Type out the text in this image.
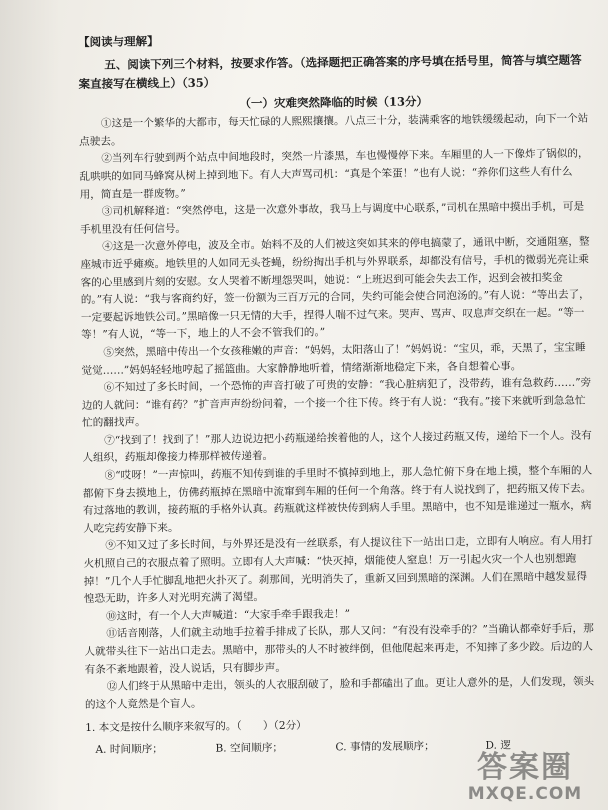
【阅读与理解】
五、阅读下列三个材料，按要求作答。（选择题把正确答案的序号填在括号里，简答与填空题答案直接写在横线上）（35）
（一）灾难突然降临的时候（13分）

①这是一个繁华的大都市，每天忙碌的人熙熙攘攘。八点三十分，装满乘客的地铁缓缓起动，向下一个站点驶去。

②当列车行驶到两个站点中间地段时，突然一片漆黑，车也慢慢停下来。车厢里的人一下像炸了锅似的，乱哄哄的如同马蜂窝从树上掉到地下。有人大声骂司机：“真是个笨蛋！”也有人说：“养你们这些人有什么用，简直是一群废物。”

③司机解释道：“突然停电，这是一次意外事故，我马上与调度中心联系，”司机在黑暗中摸出手机，可是手机里没有任何信号。

④这是一次意外停电，波及全市。始料不及的人们被这突如其来的停电搞蒙了，通讯中断，交通阻塞，整座城市近乎瘫痪。地铁里的人如同无头苍蝇，纷纷掏出手机与外界联系，却都没有信号，手机的微弱光亮让乘客的心里感到片刻的安慰。女人哭着不断埋怨哭叫，她说：“上班迟到可能会失去工作，迟到会被扣奖金的。”有人说：“我与客商约好，签一份额为三百万元的合同，失约可能会使合同泡汤的。”有人说：“等出去了，一定要起诉地铁公司。”黑暗像一只无情的大手，捏得人喘不过气来。哭声、骂声、叹息声交织在一起。“等一等！”有人说，“等一下，地上的人不会不管我们的。”

⑤突然，黑暗中传出一个女孩稚嫩的声音：“妈妈，太阳落山了！”妈妈说：“宝贝，乖，天黑了，宝宝睡觉觉……”妈妈轻轻地哼起了摇篮曲。大家静静地听着，情绪渐渐地稳定下来，各自想着心事。

⑥不知过了多长时间，一个恐怖的声音打破了可贵的安静：“我心脏病犯了，没带药，谁有急救药……”旁边的人就问：“谁有药？”扩音声声纷纷问着，一个接一个往下传。终于有人说：“我有。”接下来就听到急急忙忙的翻找声。

⑦“找到了！找到了！”那人边说边把小药瓶递给挨着他的人，这个人接过药瓶又传，递给下一个人。没有人组织，药瓶却像接力棒那样被传递着。

⑧“哎呀！”一声惊叫，药瓶不知传到谁的手里时不慎掉到地上，那人急忙俯下身在地上摸，整个车厢的人都俯下身去摸地上，仿佛药瓶掉在黑暗中流窜到车厢的任何一个角落。终于有人说找到了，把药瓶又传下去。有过落地的教训，接药瓶的手格外认真。药瓶就这样被快传到病人手里。黑暗中，也不知是谁递过一瓶水，病人吃完药安静下来。

⑨不知又过了多长时间，与外界还是没有一丝联系，有人提议往下一站出口走，立即有人响应。有人用打火机照自己的衣服点着了照明。立即有人大声喊：“快灭掉，烟能使人窒息！万一引起火灾一个人也别想跑掉！”几个人手忙脚乱地把火扑灭了。刹那间，光明消失了，重新又回到黑暗的深渊。人们在黑暗中越发显得惶恐无助，许多人对光明充满了渴望。

⑩这时，有一个人大声喊道：“大家手牵手跟我走！”

⑪话音刚落，人们就主动地手拉着手排成了长队，那人又问：“有没有没牵手的？”当确认都牵好手后，那人就带头往下一站出口走去。黑暗中，那带头的人不时被绊倒，但他爬起来再走，不知摔了多少跤。后边的人有条不紊地跟着，没人说话，只有脚步声。

⑫人们终于从黑暗中走出，领头的人衣服刮破了，脸和手都磕出了血。更让人意外的是，人们发现，领头的这个人竟然是个盲人。

1. 本文是按什么顺序来叙写的。（　　）（2分）
A. 时间顺序；	B. 空间顺序；	C. 事情的发展顺序；	D. 逻
答案圈
MXQE.COM
